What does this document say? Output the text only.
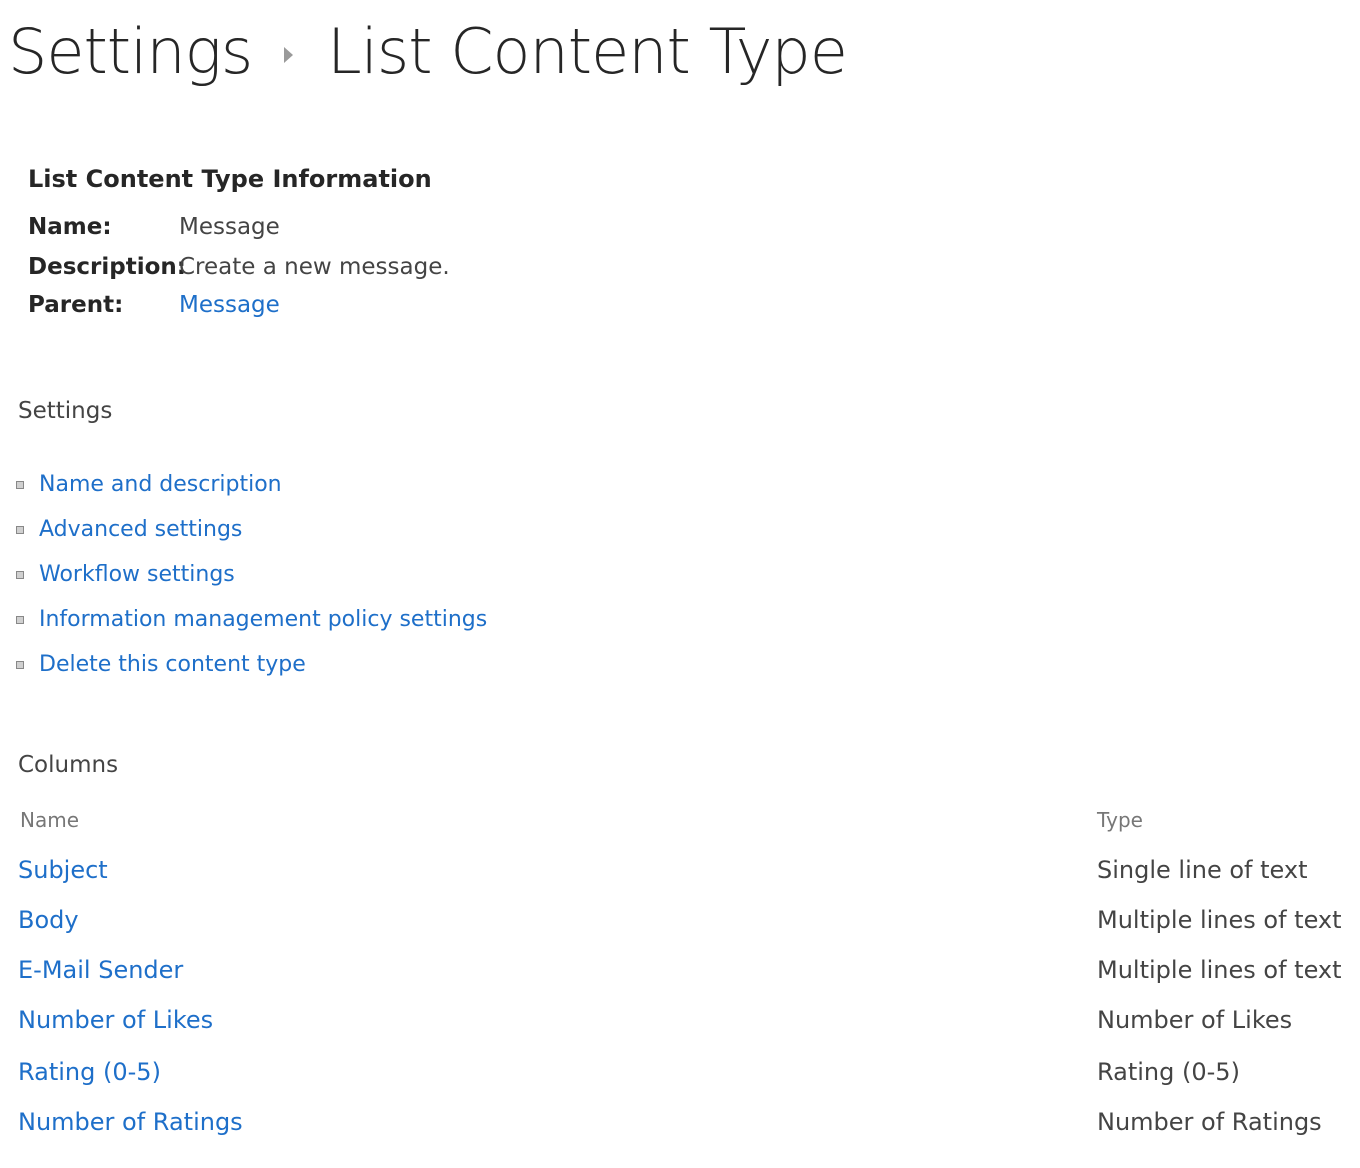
Settings List Content Type
List Content Type Information
Name:	Message
Description:
Create a new message.
Parent: Message
Settings
Name and description
Advanced settings
Workflow settings
Information management policy settings
Delete this content type
Columns
Name	Type
Subject	Single line of text
Body	Multiple lines of text
E-Mail Sender	Multiple lines of text
Number of Likes	Number of Likes
Rating (0-5)	Rating (0-5)
Number of Ratings	Number of Ratings
